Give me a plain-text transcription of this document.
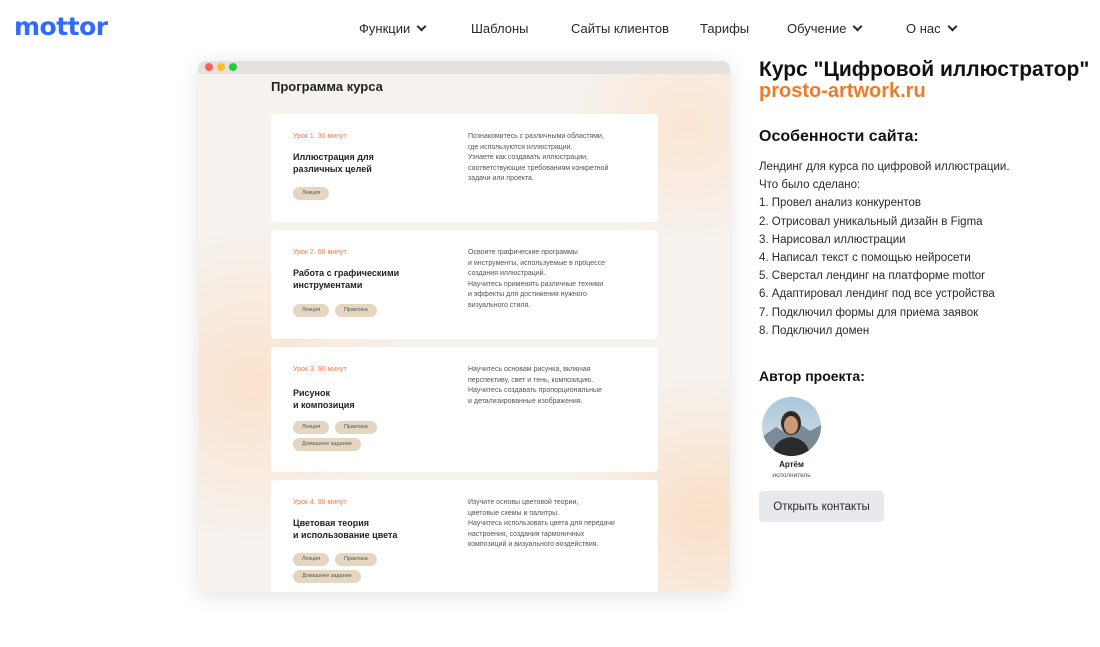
mottor	Функции	Шаблоны	Сайты клиентов Тарифы	Обучение	О нас
Программа курса
Урок 1. 30 минут
Иллюстрация для
различных целей
Познакомитесь с различными областями,
где используются иллюстрации.
Узнаете как создавать иллюстрации,
соответствующие требованиям конкретной
задачи или проекта.
Лекция
Урок 2. 60 минут
Работа с графическими
инструментами
Освоите графические программы
и инструменты, используемые в процессе
создания иллюстраций.
Научитесь применять различные техники
и эффекты для достижения нужного
визуального стиля.
Лекция	Практика
Урок 3. 90 минут
Рисунок
и композиция
Научитесь основам рисунка, включая
перспективу, свет и тень, композицию.
Научитесь создавать пропорциональные
и детализированные изображения.
Лекция	Практика
Домашнее задание
Урок 4. 90 минут
Цветовая теория
и использование цвета
Изучите основы цветовой теории,
цветовые схемы и палитры.
Научитесь использовать цвета для передачи
настроения, создания гармоничных
композиций и визуального воздействия.
Лекция	Практика
Домашнее задание
Курс "Цифровой иллюстратор"
prosto-artwork.ru
Особенности сайта:
Лендинг для курса по цифровой иллюстрации.
Что было сделано:
1. Провел анализ конкурентов
2. Отрисовал уникальный дизайн в Figma
3. Нарисовал иллюстрации
4. Написал текст с помощью нейросети
5. Сверстал лендинг на платформе mottor
6. Адаптировал лендинг под все устройства
7. Подключил формы для приема заявок
8. Подключил домен
Автор проекта:
Артём
исполнитель
Открыть контакты
